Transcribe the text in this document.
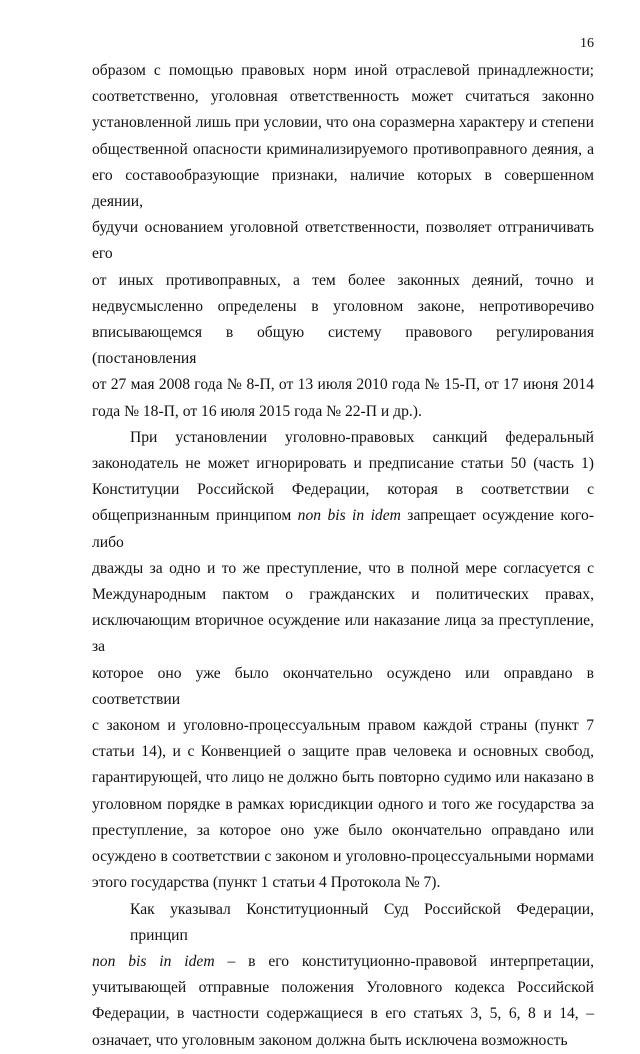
16
образом с помощью правовых норм иной отраслевой принадлежности;
соответственно, уголовная ответственность может считаться законно
установленной лишь при условии, что она соразмерна характеру и степени
общественной опасности криминализируемого противоправного деяния, а
его составообразующие признаки, наличие которых в совершенном деянии,
будучи основанием уголовной ответственности, позволяет отграничивать его
от иных противоправных, а тем более законных деяний, точно и
недвусмысленно определены в уголовном законе, непротиворечиво
вписывающемся в общую систему правового регулирования (постановления
от 27 мая 2008 года № 8-П, от 13 июля 2010 года № 15-П, от 17 июня 2014
года № 18-П, от 16 июля 2015 года № 22-П и др.).
При установлении уголовно-правовых санкций федеральный
законодатель не может игнорировать и предписание статьи 50 (часть 1)
Конституции Российской Федерации, которая в соответствии с
общепризнанным принципом non bis in idem запрещает осуждение кого-либо
дважды за одно и то же преступление, что в полной мере согласуется с
Международным пактом о гражданских и политических правах,
исключающим вторичное осуждение или наказание лица за преступление, за
которое оно уже было окончательно осуждено или оправдано в соответствии
с законом и уголовно-процессуальным правом каждой страны (пункт 7
статьи 14), и с Конвенцией о защите прав человека и основных свобод,
гарантирующей, что лицо не должно быть повторно судимо или наказано в
уголовном порядке в рамках юрисдикции одного и того же государства за
преступление, за которое оно уже было окончательно оправдано или
осуждено в соответствии с законом и уголовно-процессуальными нормами
этого государства (пункт 1 статьи 4 Протокола № 7).
Как указывал Конституционный Суд Российской Федерации, принцип
non bis in idem – в его конституционно-правовой интерпретации,
учитывающей отправные положения Уголовного кодекса Российской
Федерации, в частности содержащиеся в его статьях 3, 5, 6, 8 и 14, –
означает, что уголовным законом должна быть исключена возможность
